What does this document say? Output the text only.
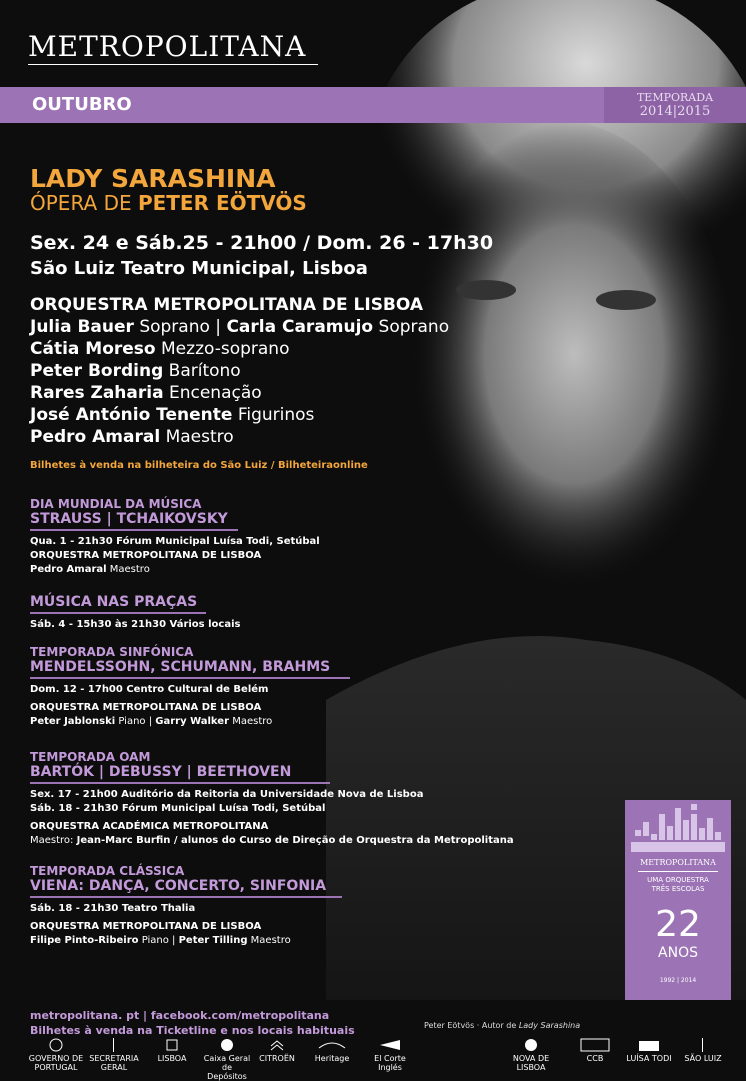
METROPOLITANA
OUTUBRO	TEMPORADA
2014|2015
LADY SARASHINA
ÓPERA DE PETER EÖTVÖS
Sex. 24 e Sáb.25 - 21h00 / Dom. 26 - 17h30
São Luiz Teatro Municipal, Lisboa
ORQUESTRA METROPOLITANA DE LISBOA
Julia Bauer Soprano | Carla Caramujo Soprano
Cátia Moreso Mezzo-soprano
Peter Bording Barítono
Rares Zaharia Encenação
José António Tenente Figurinos
Pedro Amaral Maestro
Bilhetes à venda na bilheteira do São Luiz / Bilheteiraonline
DIA MUNDIAL DA MÚSICA
STRAUSS | TCHAIKOVSKY
Qua. 1 - 21h30 Fórum Municipal Luísa Todi, Setúbal
ORQUESTRA METROPOLITANA DE LISBOA
Pedro Amaral Maestro
MÚSICA NAS PRAÇAS
Sáb. 4 - 15h30 às 21h30 Vários locais
TEMPORADA SINFÓNICA
MENDELSSOHN, SCHUMANN, BRAHMS
Dom. 12 - 17h00 Centro Cultural de Belém
ORQUESTRA METROPOLITANA DE LISBOA
Peter Jablonski Piano | Garry Walker Maestro
TEMPORADA OAM
BARTÓK | DEBUSSY | BEETHOVEN
Sex. 17 - 21h00 Auditório da Reitoria da Universidade Nova de Lisboa
Sáb. 18 - 21h30 Fórum Municipal Luísa Todi, Setúbal
ORQUESTRA ACADÉMICA METROPOLITANA
Maestro: Jean-Marc Burfin / alunos do Curso de Direção de Orquestra da Metropolitana
TEMPORADA CLÁSSICA
VIENA: DANÇA, CONCERTO, SINFONIA
Sáb. 18 - 21h30 Teatro Thalia
ORQUESTRA METROPOLITANA DE LISBOA
Filipe Pinto-Ribeiro Piano | Peter Tilling Maestro
metropolitana. pt | facebook.com/metropolitana
Bilhetes à venda na Ticketline e nos locais habituais	Peter Eötvös · Autor de Lady Sarashina
METROPOLITANA
UMA ORQUESTRA
TRÊS ESCOLAS
22
ANOS
1992 | 2014
GOVERNO DE PORTUGAL
SECRETARIA GERAL
LISBOA	Caixa Geral de Depósitos
CITROËN	Heritage	El Corte Inglés
NOVA DE LISBOA
CCB	LUÍSA TODI	SÃO LUIZ
